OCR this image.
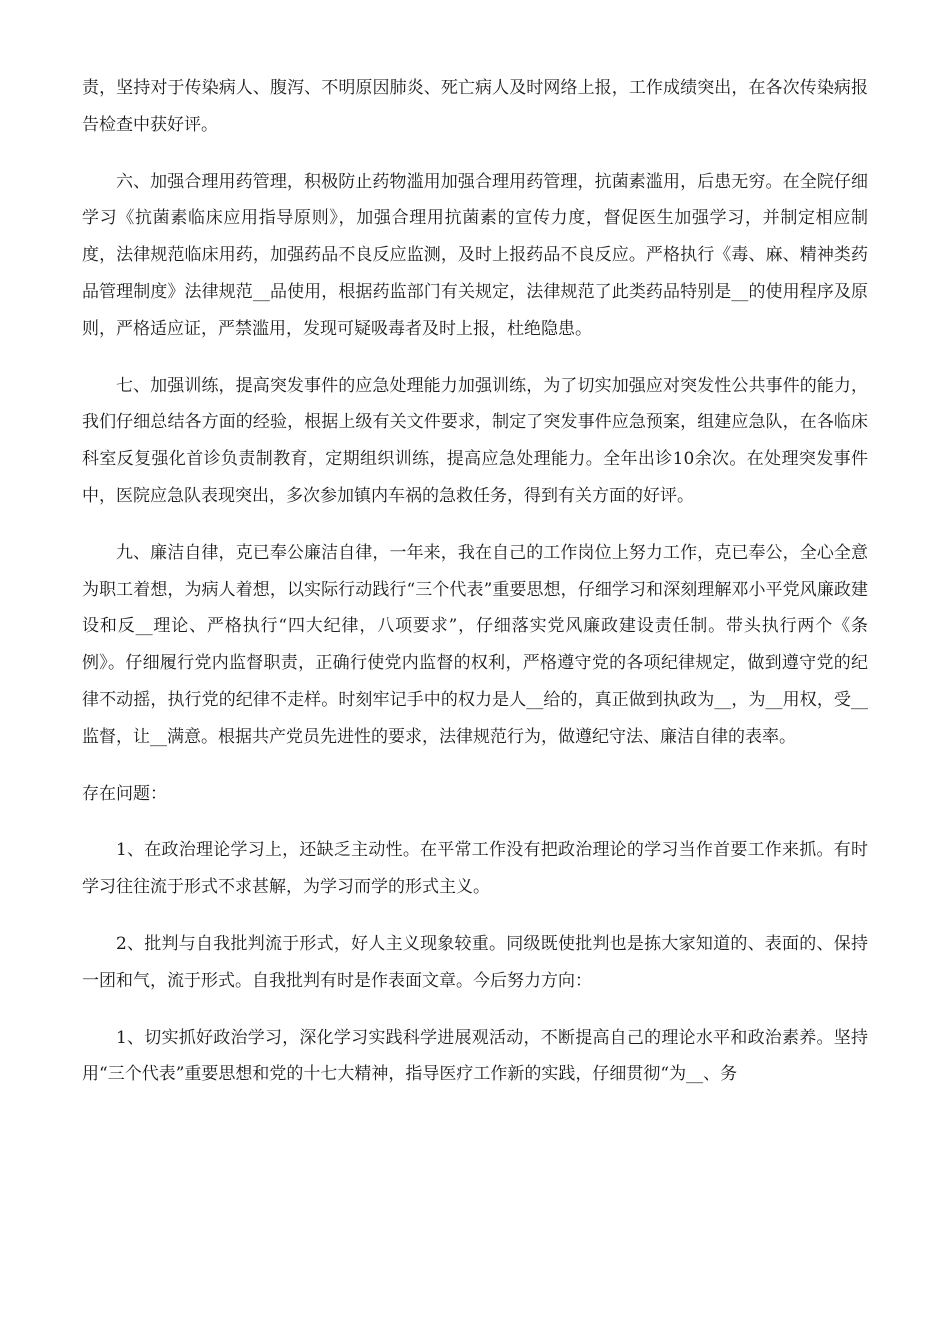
责，坚持对于传染病人、腹泻、不明原因肺炎、死亡病人及时网络上报，工作成绩突出，在各次传染病报告检查中获好评。

六、加强合理用药管理，积极防止药物滥用加强合理用药管理，抗菌素滥用，后患无穷。在全院仔细学习《抗菌素临床应用指导原则》，加强合理用抗菌素的宣传力度，督促医生加强学习，并制定相应制度，法律规范临床用药，加强药品不良反应监测，及时上报药品不良反应。严格执行《毒、麻、精神类药品管理制度》法律规范__品使用，根据药监部门有关规定，法律规范了此类药品特别是__的使用程序及原则，严格适应证，严禁滥用，发现可疑吸毒者及时上报，杜绝隐患。

七、加强训练，提高突发事件的应急处理能力加强训练，为了切实加强应对突发性公共事件的能力，我们仔细总结各方面的经验，根据上级有关文件要求，制定了突发事件应急预案，组建应急队，在各临床科室反复强化首诊负责制教育，定期组织训练，提高应急处理能力。全年出诊10余次。在处理突发事件中，医院应急队表现突出，多次参加镇内车祸的急救任务，得到有关方面的好评。

九、廉洁自律，克已奉公廉洁自律，一年来，我在自己的工作岗位上努力工作，克已奉公，全心全意为职工着想，为病人着想，以实际行动践行“三个代表”重要思想，仔细学习和深刻理解邓小平党风廉政建设和反__理论、严格执行“四大纪律，八项要求”，仔细落实党风廉政建设责任制。带头执行两个《条例》。仔细履行党内监督职责，正确行使党内监督的权利，严格遵守党的各项纪律规定，做到遵守党的纪律不动摇，执行党的纪律不走样。时刻牢记手中的权力是人__给的，真正做到执政为__，为__用权，受__监督，让__满意。根据共产党员先进性的要求，法律规范行为，做遵纪守法、廉洁自律的表率。

存在问题：

1、在政治理论学习上，还缺乏主动性。在平常工作没有把政治理论的学习当作首要工作来抓。有时学习往往流于形式不求甚解，为学习而学的形式主义。

2、批判与自我批判流于形式，好人主义现象较重。同级既使批判也是拣大家知道的、表面的、保持一团和气，流于形式。自我批判有时是作表面文章。今后努力方向：

1、切实抓好政治学习，深化学习实践科学进展观活动，不断提高自己的理论水平和政治素养。坚持用“三个代表”重要思想和党的十七大精神，指导医疗工作新的实践，仔细贯彻“为__、务
